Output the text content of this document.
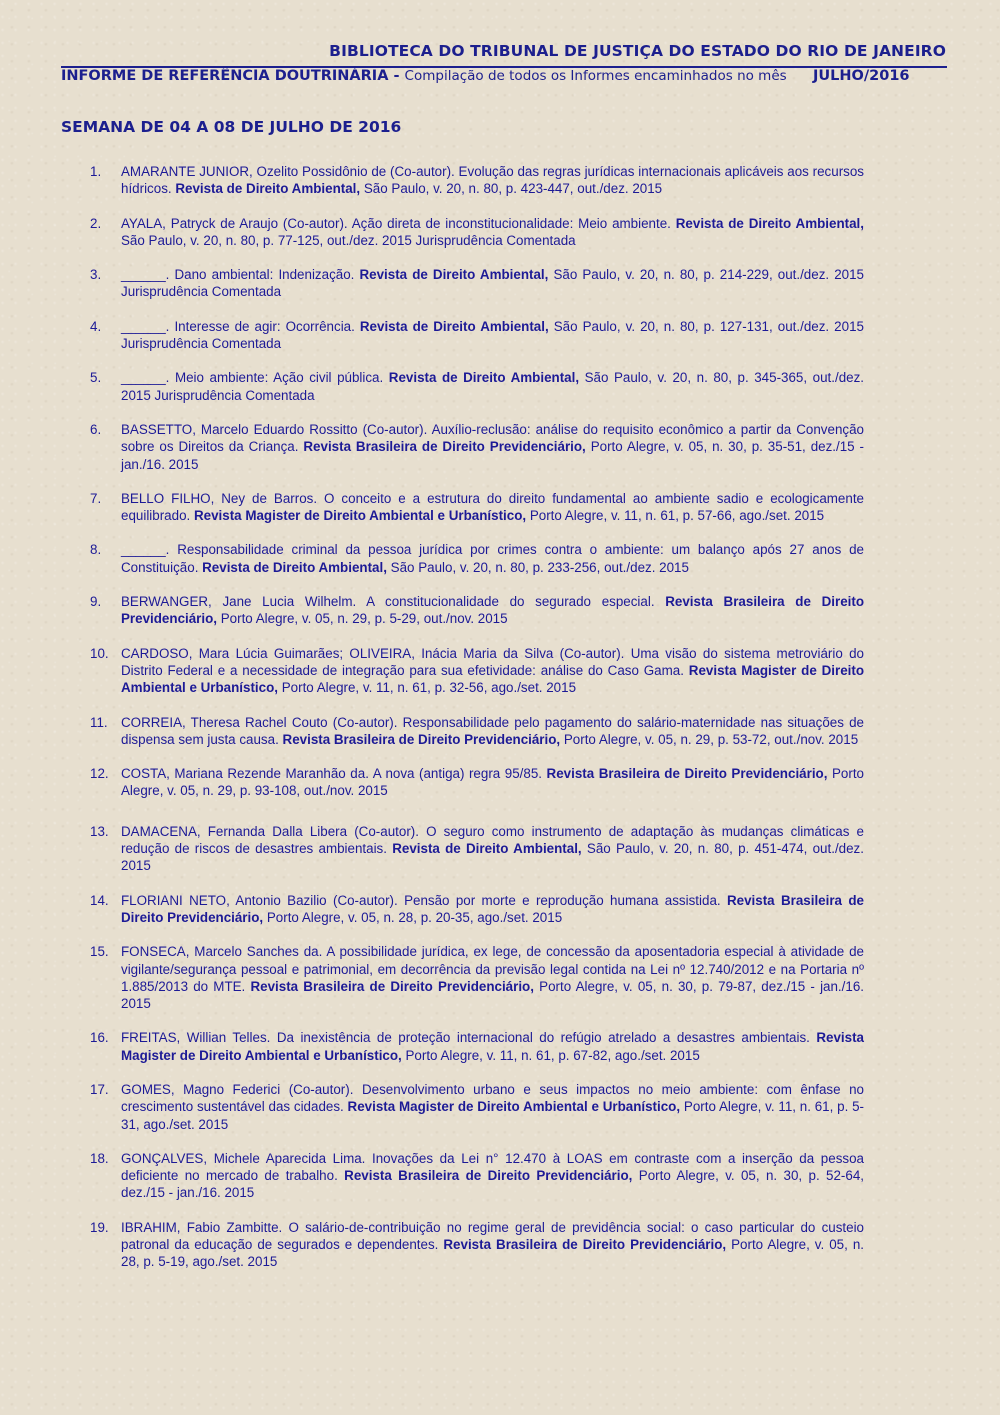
BIBLIOTECA DO TRIBUNAL DE JUSTIÇA DO ESTADO DO RIO DE JANEIRO
INFORME DE REFERÊNCIA DOUTRINÁRIA - Compilação de todos os Informes encaminhados no mês JULHO/2016
SEMANA DE 04 A 08 DE JULHO DE 2016
1. AMARANTE JUNIOR, Ozelito Possidônio de (Co-autor). Evolução das regras jurídicas internacionais aplicáveis aos recursos hídricos. Revista de Direito Ambiental, São Paulo, v. 20, n. 80, p. 423-447, out./dez. 2015
2. AYALA, Patryck de Araujo (Co-autor). Ação direta de inconstitucionalidade: Meio ambiente. Revista de Direito Ambiental, São Paulo, v. 20, n. 80, p. 77-125, out./dez. 2015 Jurisprudência Comentada
3. ______. Dano ambiental: Indenização. Revista de Direito Ambiental, São Paulo, v. 20, n. 80, p. 214-229, out./dez. 2015 Jurisprudência Comentada
4. ______. Interesse de agir: Ocorrência. Revista de Direito Ambiental, São Paulo, v. 20, n. 80, p. 127-131, out./dez. 2015 Jurisprudência Comentada
5. ______. Meio ambiente: Ação civil pública. Revista de Direito Ambiental, São Paulo, v. 20, n. 80, p. 345-365, out./dez. 2015 Jurisprudência Comentada
6. BASSETTO, Marcelo Eduardo Rossitto (Co-autor). Auxílio-reclusão: análise do requisito econômico a partir da Convenção sobre os Direitos da Criança. Revista Brasileira de Direito Previdenciário, Porto Alegre, v. 05, n. 30, p. 35-51, dez./15 - jan./16. 2015
7. BELLO FILHO, Ney de Barros. O conceito e a estrutura do direito fundamental ao ambiente sadio e ecologicamente equilibrado. Revista Magister de Direito Ambiental e Urbanístico, Porto Alegre, v. 11, n. 61, p. 57-66, ago./set. 2015
8. ______. Responsabilidade criminal da pessoa jurídica por crimes contra o ambiente: um balanço após 27 anos de Constituição. Revista de Direito Ambiental, São Paulo, v. 20, n. 80, p. 233-256, out./dez. 2015
9. BERWANGER, Jane Lucia Wilhelm. A constitucionalidade do segurado especial. Revista Brasileira de Direito Previdenciário, Porto Alegre, v. 05, n. 29, p. 5-29, out./nov. 2015
10. CARDOSO, Mara Lúcia Guimarães; OLIVEIRA, Inácia Maria da Silva (Co-autor). Uma visão do sistema metroviário do Distrito Federal e a necessidade de integração para sua efetividade: análise do Caso Gama. Revista Magister de Direito Ambiental e Urbanístico, Porto Alegre, v. 11, n. 61, p. 32-56, ago./set. 2015
11. CORREIA, Theresa Rachel Couto (Co-autor). Responsabilidade pelo pagamento do salário-maternidade nas situações de dispensa sem justa causa. Revista Brasileira de Direito Previdenciário, Porto Alegre, v. 05, n. 29, p. 53-72, out./nov. 2015
12. COSTA, Mariana Rezende Maranhão da. A nova (antiga) regra 95/85. Revista Brasileira de Direito Previdenciário, Porto Alegre, v. 05, n. 29, p. 93-108, out./nov. 2015
13. DAMACENA, Fernanda Dalla Libera (Co-autor). O seguro como instrumento de adaptação às mudanças climáticas e redução de riscos de desastres ambientais. Revista de Direito Ambiental, São Paulo, v. 20, n. 80, p. 451-474, out./dez. 2015
14. FLORIANI NETO, Antonio Bazilio (Co-autor). Pensão por morte e reprodução humana assistida. Revista Brasileira de Direito Previdenciário, Porto Alegre, v. 05, n. 28, p. 20-35, ago./set. 2015
15. FONSECA, Marcelo Sanches da. A possibilidade jurídica, ex lege, de concessão da aposentadoria especial à atividade de vigilante/segurança pessoal e patrimonial, em decorrência da previsão legal contida na Lei nº 12.740/2012 e na Portaria nº 1.885/2013 do MTE. Revista Brasileira de Direito Previdenciário, Porto Alegre, v. 05, n. 30, p. 79-87, dez./15 - jan./16. 2015
16. FREITAS, Willian Telles. Da inexistência de proteção internacional do refúgio atrelado a desastres ambientais. Revista Magister de Direito Ambiental e Urbanístico, Porto Alegre, v. 11, n. 61, p. 67-82, ago./set. 2015
17. GOMES, Magno Federici (Co-autor). Desenvolvimento urbano e seus impactos no meio ambiente: com ênfase no crescimento sustentável das cidades. Revista Magister de Direito Ambiental e Urbanístico, Porto Alegre, v. 11, n. 61, p. 5-31, ago./set. 2015
18. GONÇALVES, Michele Aparecida Lima. Inovações da Lei n° 12.470 à LOAS em contraste com a inserção da pessoa deficiente no mercado de trabalho. Revista Brasileira de Direito Previdenciário, Porto Alegre, v. 05, n. 30, p. 52-64, dez./15 - jan./16. 2015
19. IBRAHIM, Fabio Zambitte. O salário-de-contribuição no regime geral de previdência social: o caso particular do custeio patronal da educação de segurados e dependentes. Revista Brasileira de Direito Previdenciário, Porto Alegre, v. 05, n. 28, p. 5-19, ago./set. 2015
